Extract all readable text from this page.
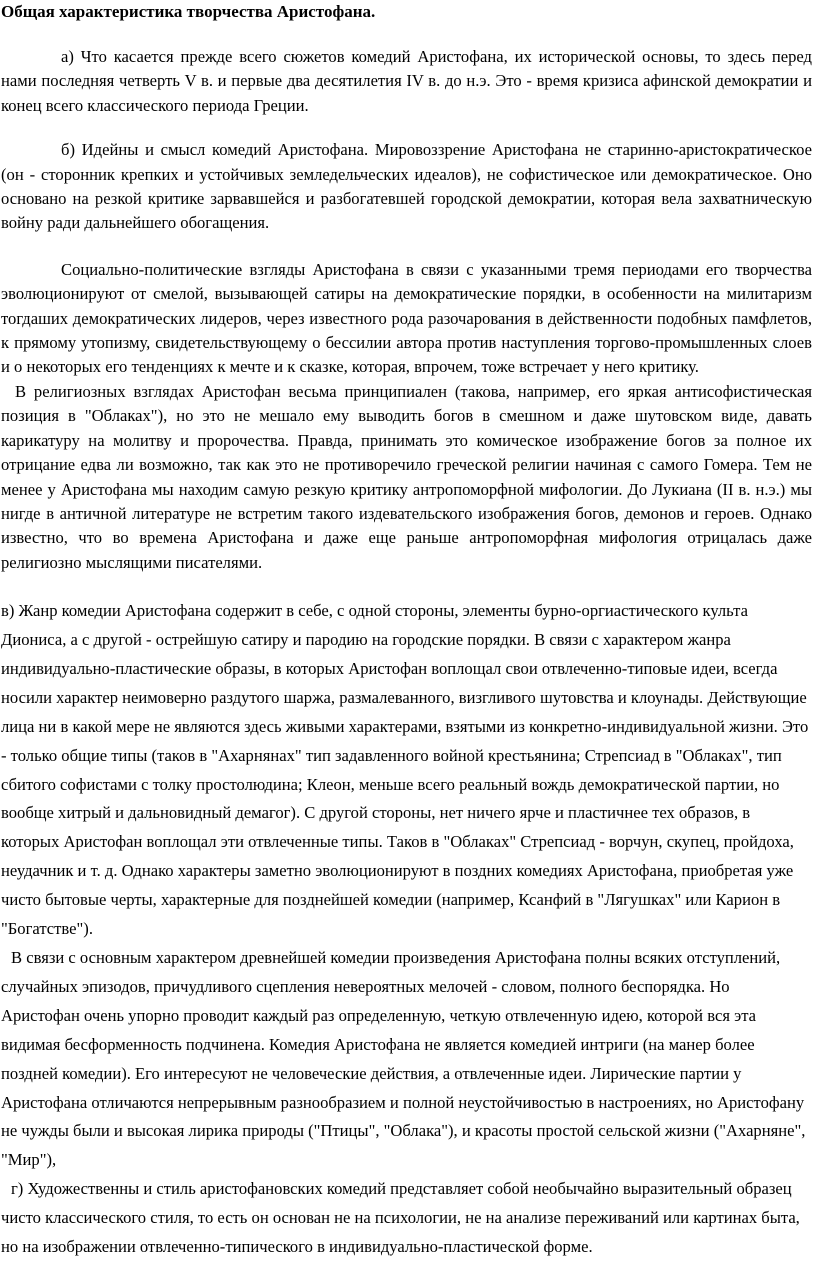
Общая характеристика творчества Аристофана.

а) Что касается прежде всего сюжетов комедий Аристофана, их исторической основы, то здесь перед нами последняя четверть V в. и первые два десятилетия IV в. до н.э. Это - время кризиса афинской демократии и конец всего классического периода Греции.

б) Идейны и смысл комедий Аристофана. Мировоззрение Аристофана не старинно-аристократическое (он - сторонник крепких и устойчивых земледельческих идеалов), не софистическое или демократическое. Оно основано на резкой критике зарвавшейся и разбогатевшей городской демократии, которая вела захватническую войну ради дальнейшего обогащения.

Социально-политические взгляды Аристофана в связи с указанными тремя периодами его творчества эволюционируют от смелой, вызывающей сатиры на демократические порядки, в особенности на милитаризм тогдаших демократических лидеров, через известного рода разочарования в действенности подобных памфлетов, к прямому утопизму, свидетельствующему о бессилии автора против наступления торгово-промышленных слоев и о некоторых его тенденциях к мечте и к сказке, которая, впрочем, тоже встречает у него критику.

В религиозных взглядах Аристофан весьма принципиален (такова, например, его яркая антисофистическая позиция в "Облаках"), но это не мешало ему выводить богов в смешном и даже шутовском виде, давать карикатуру на молитву и пророчества. Правда, принимать это комическое изображение богов за полное их отрицание едва ли возможно, так как это не противоречило греческой религии начиная с самого Гомера. Тем не менее у Аристофана мы находим самую резкую критику антропоморфной мифологии. До Лукиана (II в. н.э.) мы нигде в античной литературе не встретим такого издевательского изображения богов, демонов и героев. Однако известно, что во времена Аристофана и даже еще раньше антропоморфная мифология отрицалась даже религиозно мыслящими писателями.

в) Жанр комедии Аристофана содержит в себе, с одной стороны, элементы бурно-оргиастического культа Диониса, а с другой - острейшую сатиру и пародию на городские порядки. В связи с характером жанра индивидуально-пластические образы, в которых Аристофан воплощал свои отвлеченно-типовые идеи, всегда носили характер неимоверно раздутого шаржа, размалеванного, визгливого шутовства и клоунады. Действующие лица ни в какой мере не являются здесь живыми характерами, взятыми из конкретно-индивидуальной жизни. Это - только общие типы (таков в "Ахарнянах" тип задавленного войной крестьянина; Стрепсиад в "Облаках", тип сбитого софистами с толку простолюдина; Клеон, меньше всего реальный вождь демократической партии, но вообще хитрый и дальновидный демагог). С другой стороны, нет ничего ярче и пластичнее тех образов, в которых Аристофан воплощал эти отвлеченные типы. Таков в "Облаках" Стрепсиад - ворчун, скупец, пройдоха, неудачник и т. д. Однако характеры заметно эволюционируют в поздних комедиях Аристофана, приобретая уже чисто бытовые черты, характерные для позднейшей комедии (например, Ксанфий в "Лягушках" или Карион в "Богатстве").

В связи с основным характером древнейшей комедии произведения Аристофана полны всяких отступлений, случайных эпизодов, причудливого сцепления невероятных мелочей - словом, полного беспорядка. Но Аристофан очень упорно проводит каждый раз определенную, четкую отвлеченную идею, которой вся эта видимая бесформенность подчинена. Комедия Аристофана не является комедией интриги (на манер более поздней комедии). Его интересуют не человеческие действия, а отвлеченные идеи. Лирические партии у Аристофана отличаются непрерывным разнообразием и полной неустойчивостью в настроениях, но Аристофану не чужды были и высокая лирика природы ("Птицы", "Облака"), и красоты простой сельской жизни ("Ахарняне", "Мир"),

г) Художественны и стиль аристофановских комедий представляет собой необычайно выразительный образец чисто классического стиля, то есть он основан не на психологии, не на анализе переживаний или картинах быта, но на изображении отвлеченно-типического в индивидуально-пластической форме.
